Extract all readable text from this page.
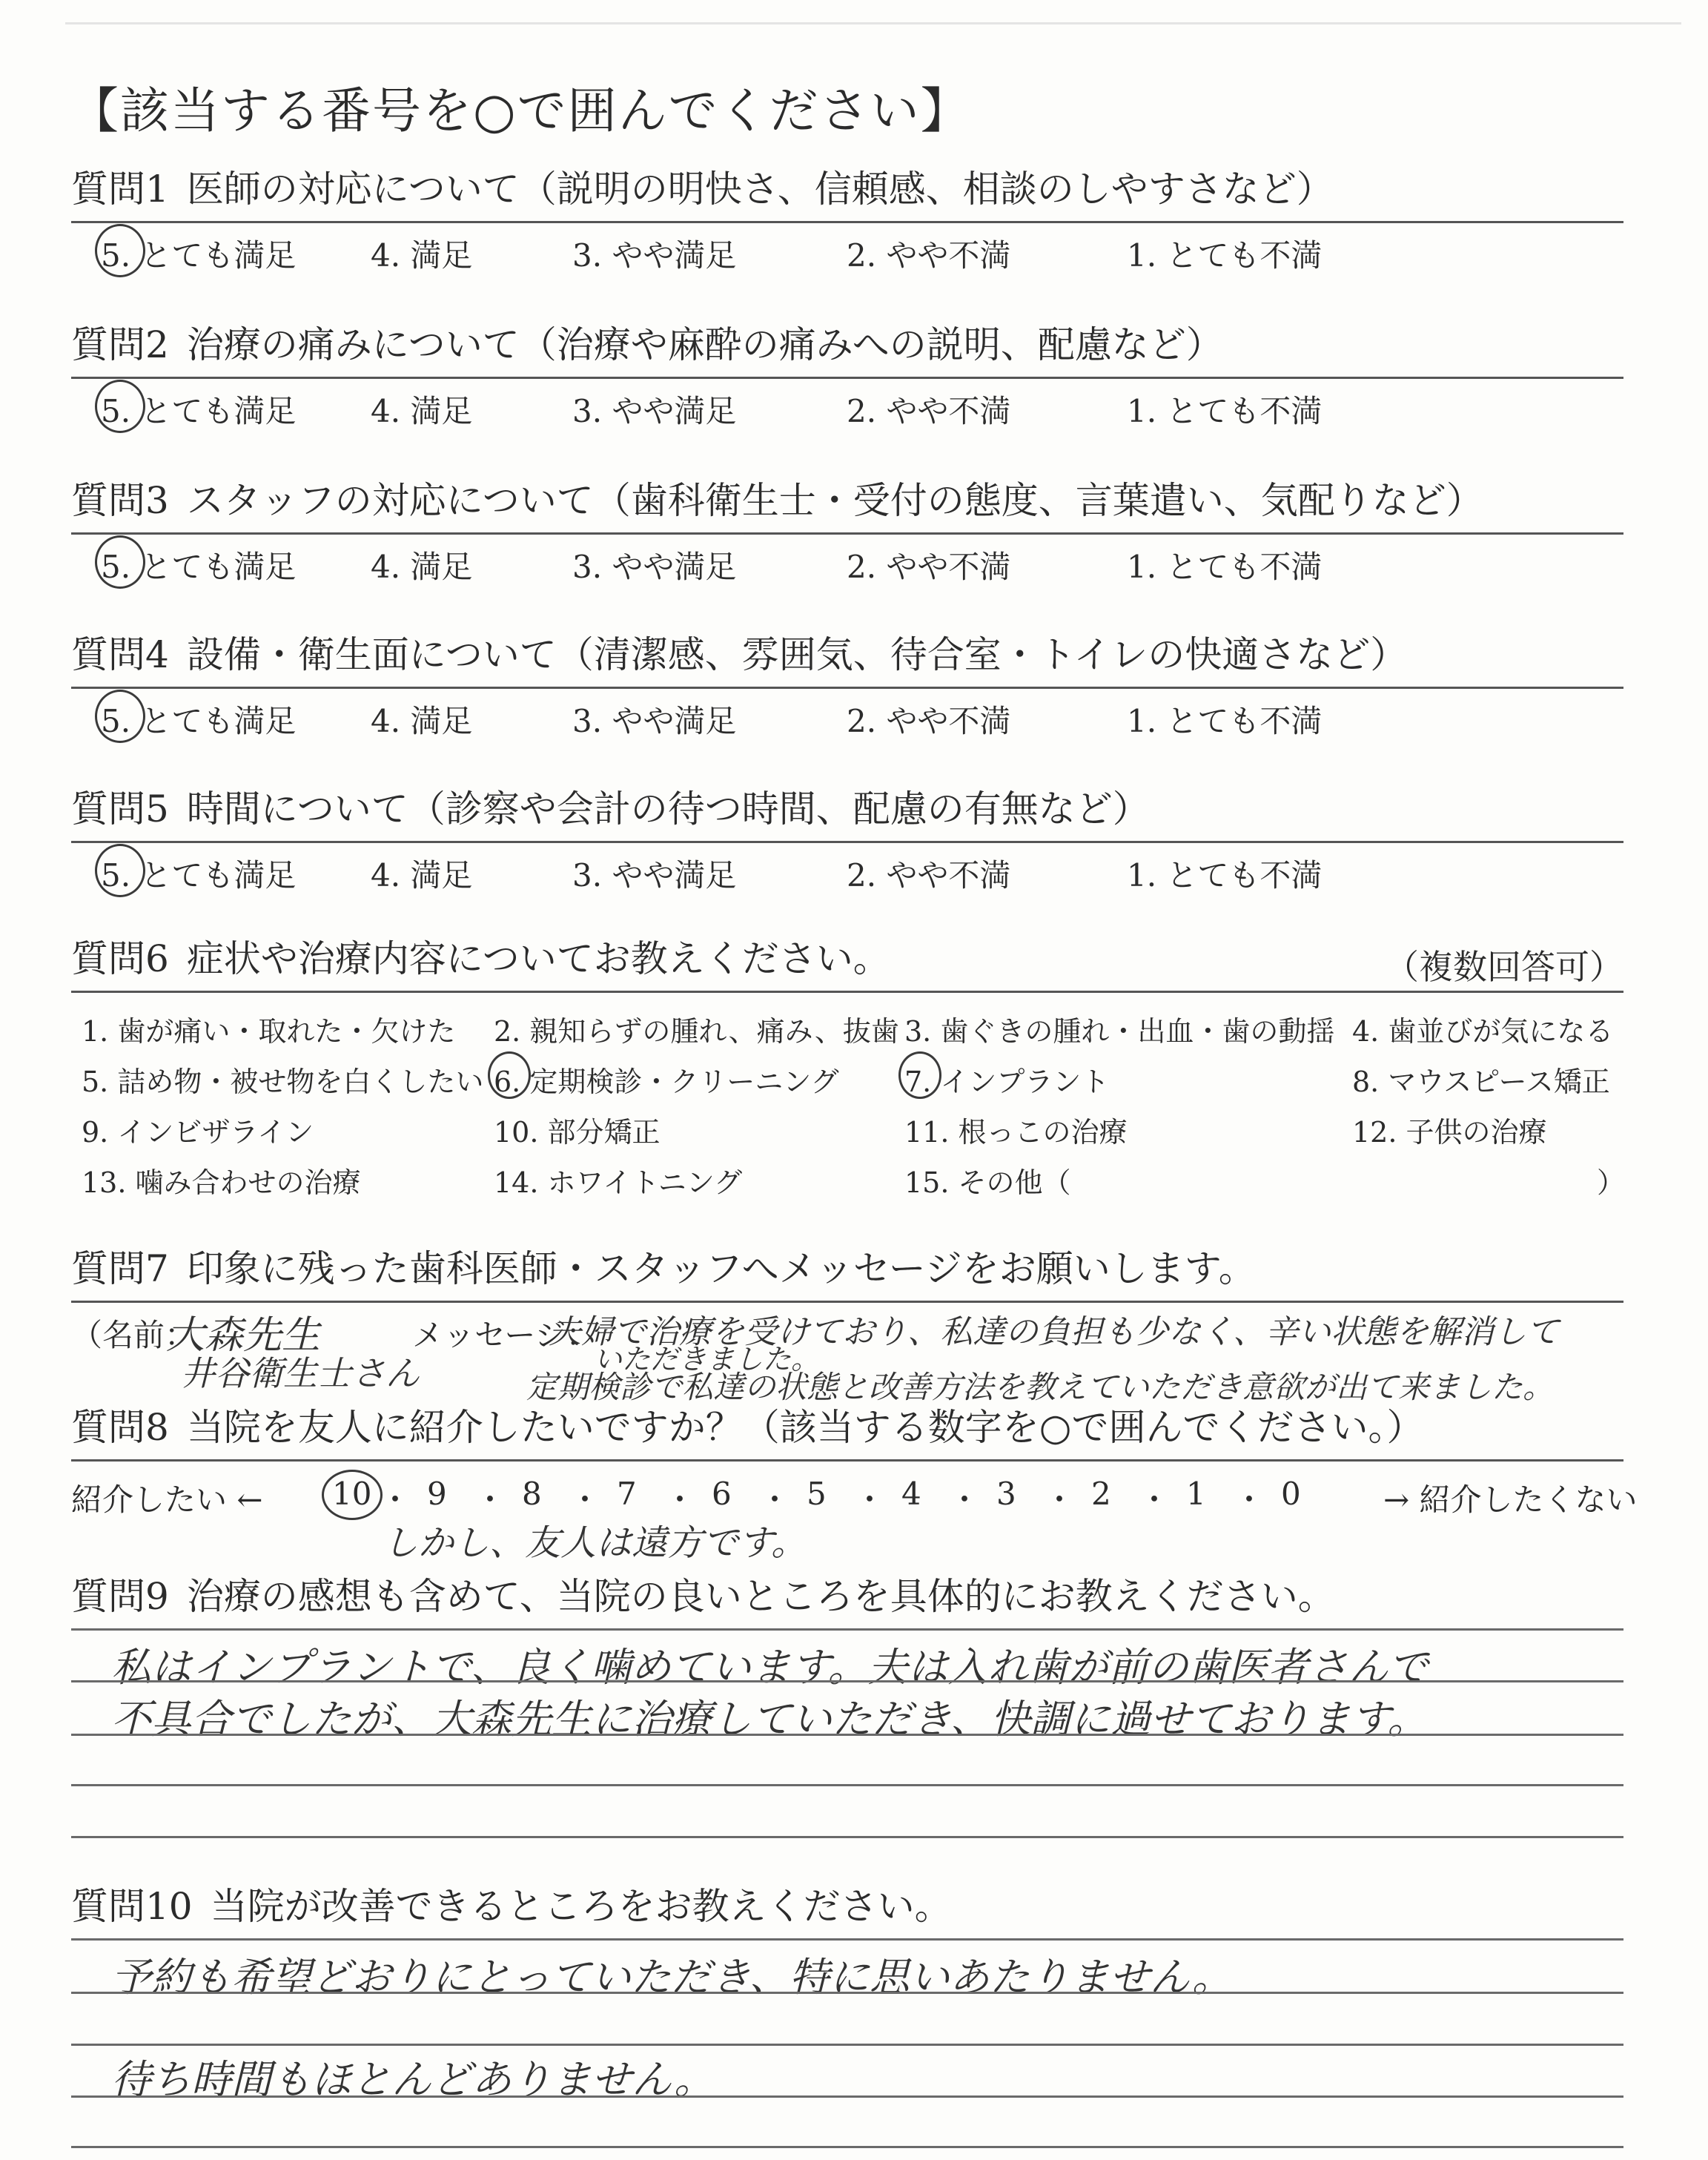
【該当する番号を○で囲んでください】
質問1 医師の対応について（説明の明快さ、信頼感、相談のしやすさなど）
5. とても満足 4. 満足	3. やや満足	2. やや不満	1. とても不満
質問2 治療の痛みについて（治療や麻酔の痛みへの説明、配慮など）
5. とても満足 4. 満足	3. やや満足	2. やや不満	1. とても不満
質問3 スタッフの対応について（歯科衛生士・受付の態度、言葉遣い、気配りなど）
5. とても満足 4. 満足	3. やや満足	2. やや不満	1. とても不満
質問4 設備・衛生面について（清潔感、雰囲気、待合室・トイレの快適さなど）
5. とても満足 4. 満足	3. やや満足	2. やや不満	1. とても不満
質問5 時間について（診察や会計の待つ時間、配慮の有無など）
5. とても満足 4. 満足	3. やや満足	2. やや不満	1. とても不満
質問6 症状や治療内容についてお教えください。	（複数回答可）
1. 歯が痛い・取れた・欠けた 2. 親知らずの腫れ、痛み、抜歯 3. 歯ぐきの腫れ・出血・歯の動揺 4. 歯並びが気になる
5. 詰め物・被せ物を白くしたい 6. 定期検診・クリーニング 7. インプラント	8. マウスピース矯正
9. インビザライン	10. 部分矯正	11. 根っこの治療	12. 子供の治療
13. 噛み合わせの治療	14. ホワイトニング	15. その他（	）
質問7 印象に残った歯科医師・スタッフへメッセージをお願いします。
（名前：
大森先生
井谷衛生士さん
メッセージ：
夫婦で治療を受けており、私達の負担も少なく、辛い状態を解消して
いただきました。
定期検診で私達の状態と改善方法を教えていただき意欲が出て来ました。
質問8 当院を友人に紹介したいですか？（該当する数字を○で囲んでください。）
紹介したい ← 10 ・ 9 ・ 8 ・ 7 ・ 6 ・ 5 ・ 4 ・ 3 ・ 2 ・ 1 ・ 0	→ 紹介したくない
しかし、友人は遠方です。
質問9 治療の感想も含めて、当院の良いところを具体的にお教えください。
私はインプラントで、良く噛めています。夫は入れ歯が前の歯医者さんで
不具合でしたが、大森先生に治療していただき、快調に過せております。
質問10 当院が改善できるところをお教えください。
予約も希望どおりにとっていただき、特に思いあたりません。
待ち時間もほとんどありません。
